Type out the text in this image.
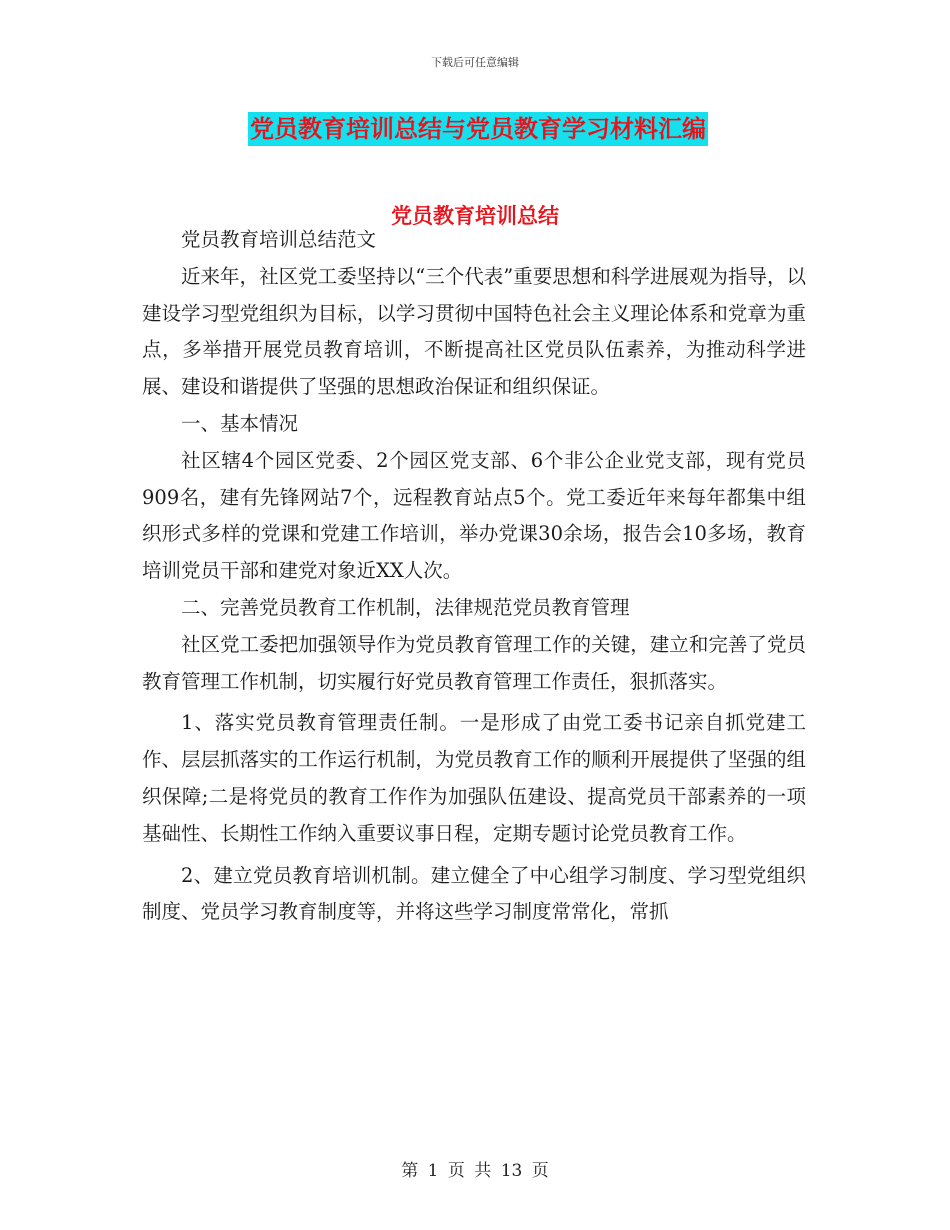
下载后可任意编辑
党员教育培训总结与党员教育学习材料汇编
党员教育培训总结

党员教育培训总结范文

近来年，社区党工委坚持以“三个代表”重要思想和科学进展观为指导，以建设学习型党组织为目标，以学习贯彻中国特色社会主义理论体系和党章为重点，多举措开展党员教育培训，不断提高社区党员队伍素养，为推动科学进展、建设和谐提供了坚强的思想政治保证和组织保证。

一、基本情况

社区辖4个园区党委、2个园区党支部、6个非公企业党支部，现有党员909名，建有先锋网站7个，远程教育站点5个。党工委近年来每年都集中组织形式多样的党课和党建工作培训，举办党课30余场，报告会10多场，教育培训党员干部和建党对象近XX人次。

二、完善党员教育工作机制，法律规范党员教育管理

社区党工委把加强领导作为党员教育管理工作的关键，建立和完善了党员教育管理工作机制，切实履行好党员教育管理工作责任，狠抓落实。

1、落实党员教育管理责任制。一是形成了由党工委书记亲自抓党建工作、层层抓落实的工作运行机制，为党员教育工作的顺利开展提供了坚强的组织保障;二是将党员的教育工作作为加强队伍建设、提高党员干部素养的一项基础性、长期性工作纳入重要议事日程，定期专题讨论党员教育工作。

2、建立党员教育培训机制。建立健全了中心组学习制度、学习型党组织制度、党员学习教育制度等，并将这些学习制度常常化，常抓

第 1 页 共 13 页
